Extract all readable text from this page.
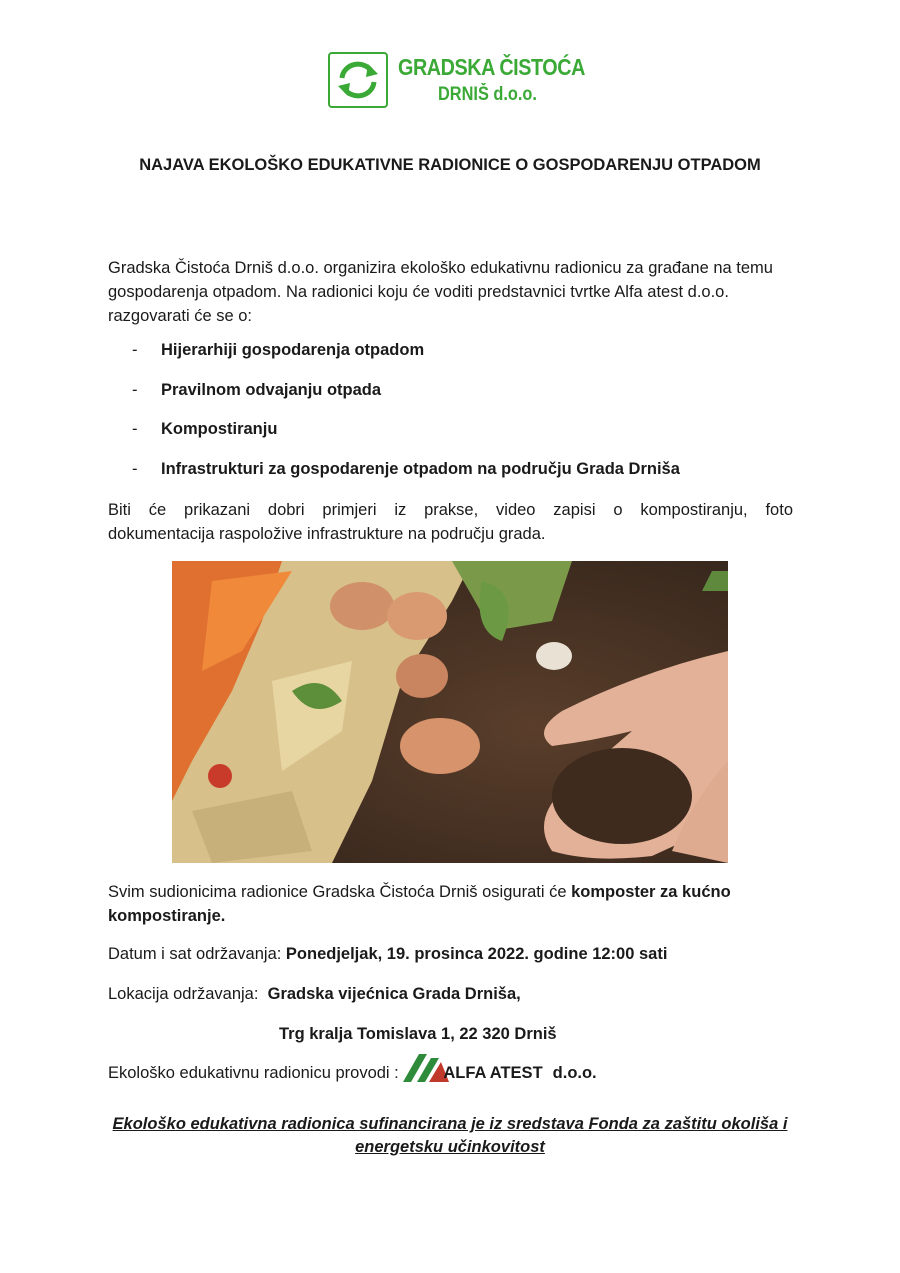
GRADSKA ČISTOĆA
DRNIŠ d.o.o.
NAJAVA EKOLOŠKO EDUKATIVNE RADIONICE O GOSPODARENJU OTPADOM
Gradska Čistoća Drniš d.o.o. organizira ekološko edukativnu radionicu za građane na temu gospodarenja otpadom. Na radionici koju će voditi predstavnici tvrtke Alfa atest d.o.o. razgovarati će se o:
- Hijerarhiji gospodarenja otpadom
- Pravilnom odvajanju otpada
- Kompostiranju
- Infrastrukturi za gospodarenje otpadom na području Grada Drniša
Biti će prikazani dobri primjeri iz prakse, video zapisi o kompostiranju, foto
dokumentacija raspoložive infrastrukture na području grada.
Svim sudionicima radionice Gradska Čistoća Drniš osigurati će komposter za kućno
kompostiranje.
Datum i sat održavanja: Ponedjeljak, 19. prosinca 2022. godine 12:00 sati
Lokacija održavanja:  Gradska vijećnica Grada Drniša,
Trg kralja Tomislava 1, 22 320 Drniš
Ekološko edukativnu radionicu provodi : ALFA ATEST d.o.o.
Ekološko edukativna radionica sufinancirana je iz sredstava Fonda za zaštitu okoliša i energetsku učinkovitost
